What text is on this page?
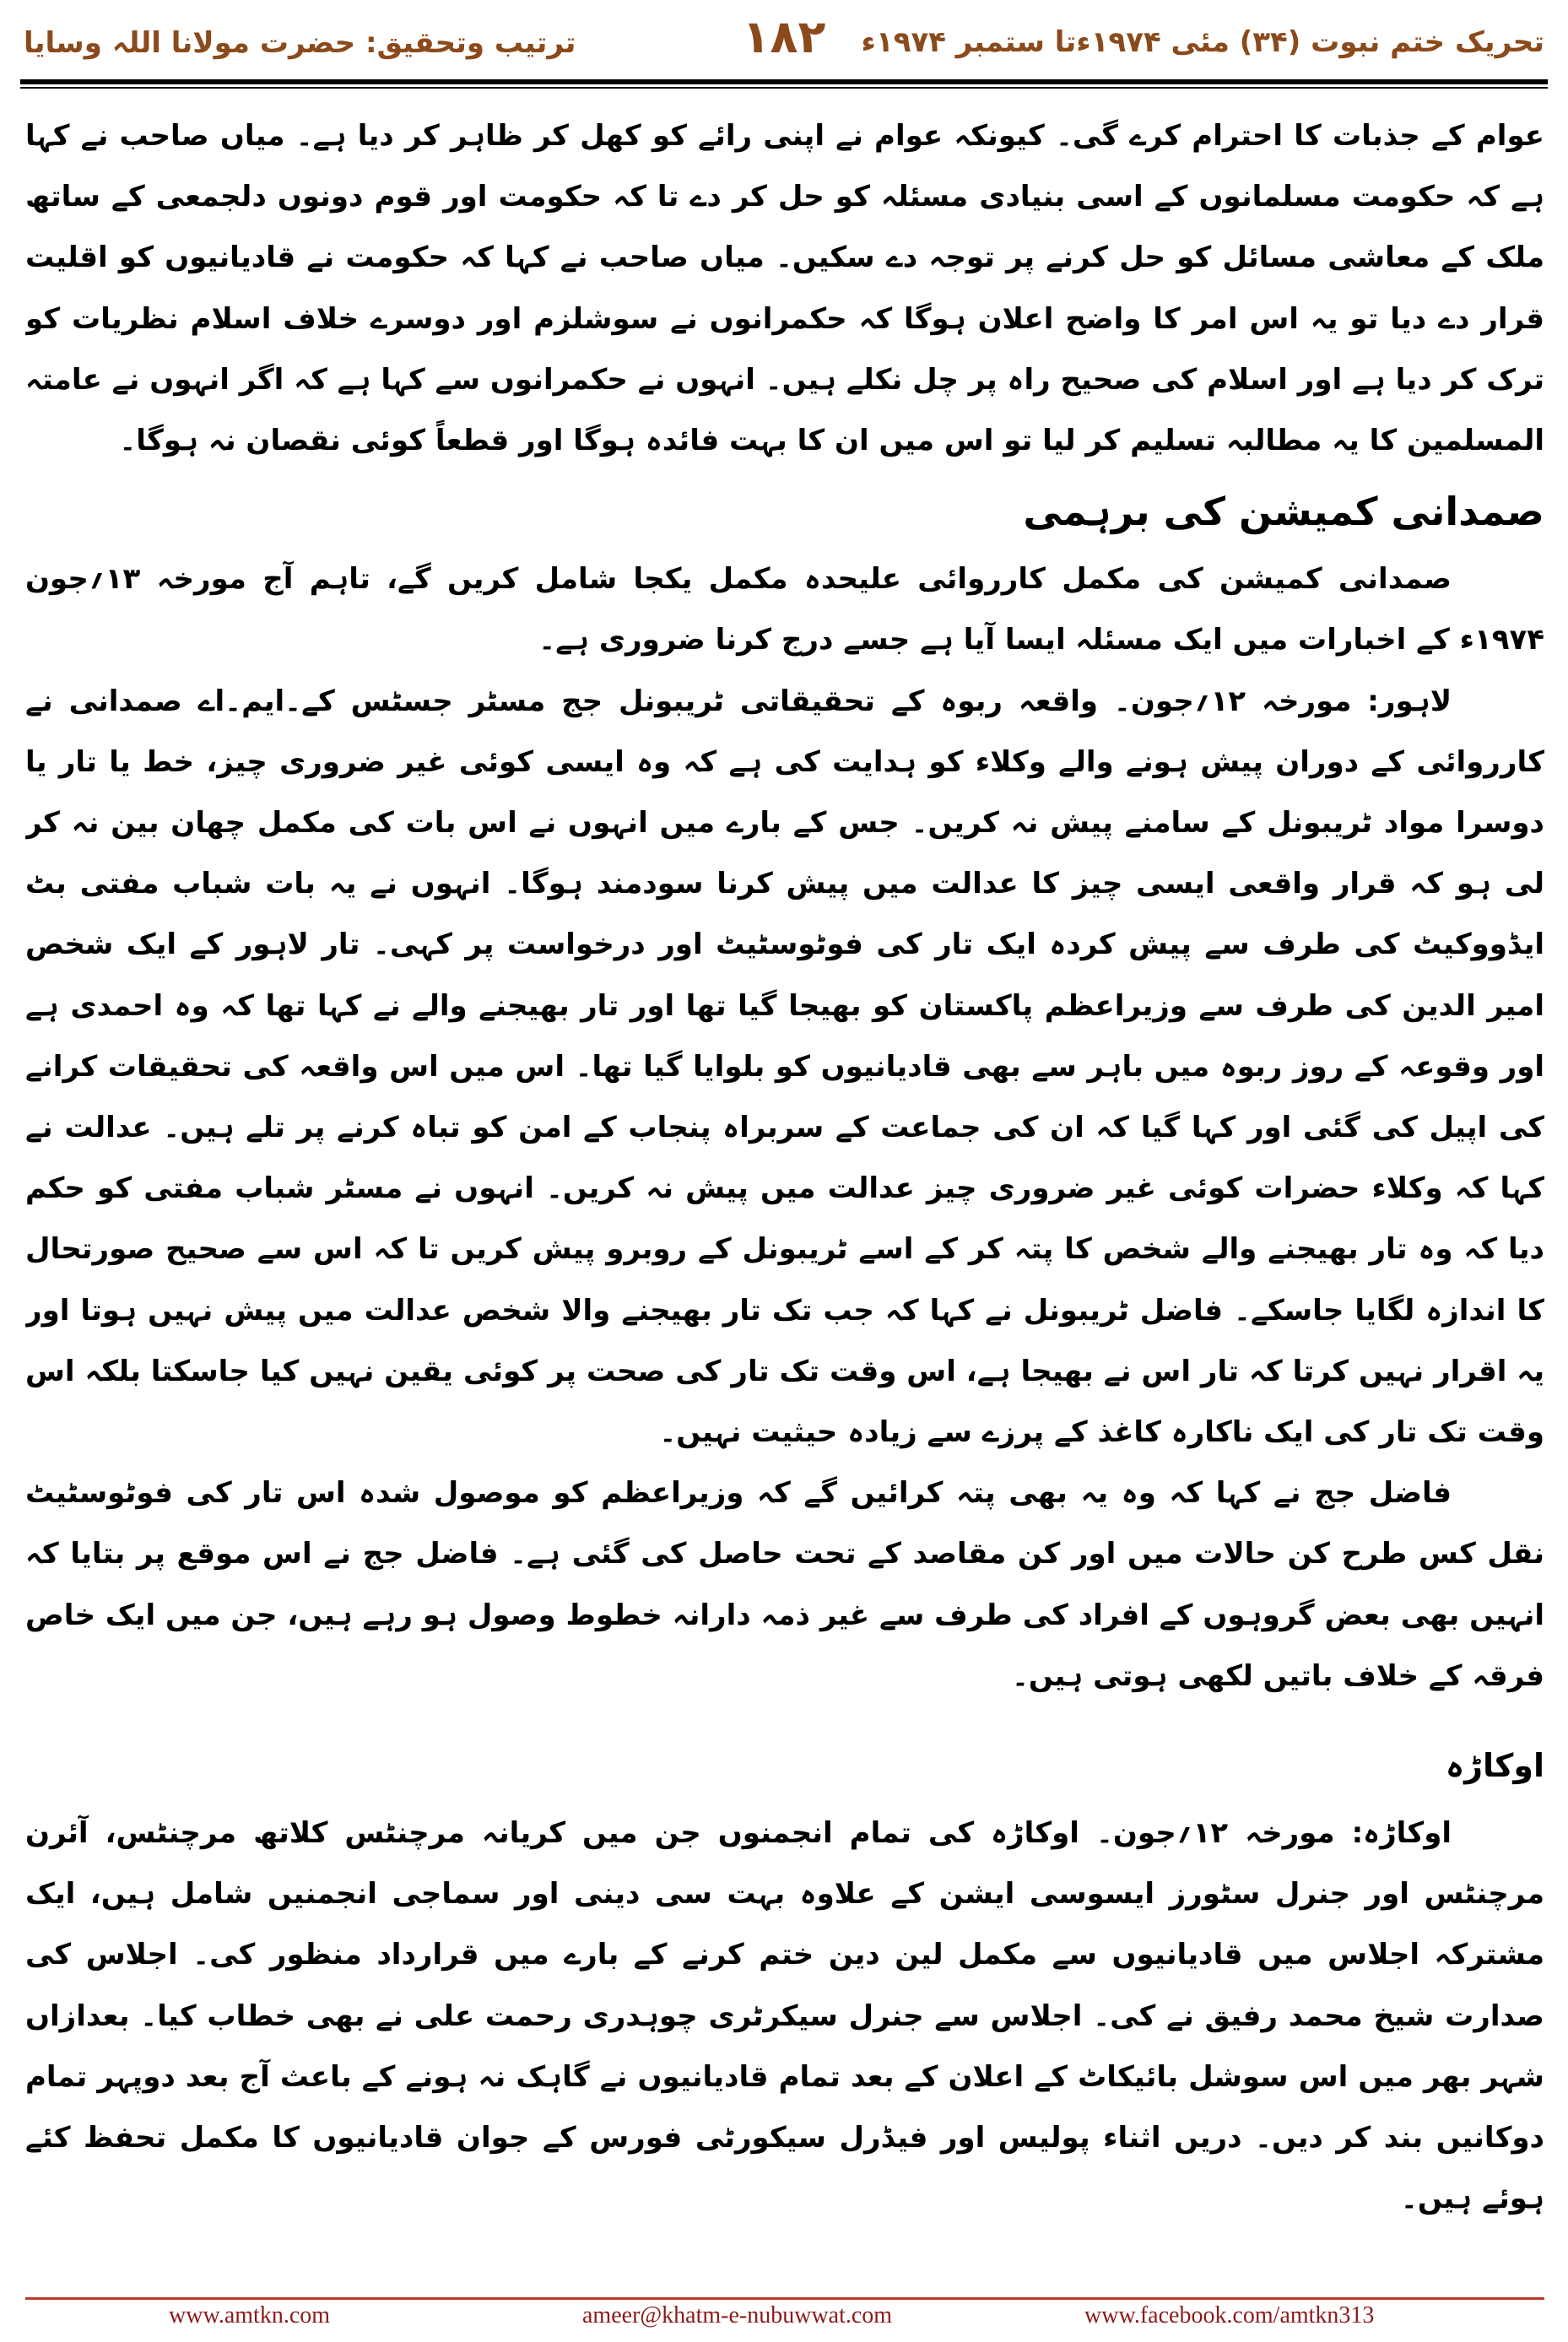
تحریک ختم نبوت (۳۴) مئی ۱۹۷۴ءتا ستمبر ۱۹۷۴ء
۱۸۲
ترتیب وتحقیق: حضرت مولانا اللہ وسایا

عوام کے جذبات کا احترام کرے گی۔ کیونکہ عوام نے اپنی رائے کو کھل کر ظاہر کر دیا ہے۔ میاں صاحب نے کہا ہے کہ حکومت مسلمانوں کے اسی بنیادی مسئلہ کو حل کر دے تا کہ حکومت اور قوم دونوں دلجمعی کے ساتھ ملک کے معاشی مسائل کو حل کرنے پر توجہ دے سکیں۔ میاں صاحب نے کہا کہ حکومت نے قادیانیوں کو اقلیت قرار دے دیا تو یہ اس امر کا واضح اعلان ہوگا کہ حکمرانوں نے سوشلزم اور دوسرے خلاف اسلام نظریات کو ترک کر دیا ہے اور اسلام کی صحیح راہ پر چل نکلے ہیں۔ انہوں نے حکمرانوں سے کہا ہے کہ اگر انہوں نے عامتہ المسلمین کا یہ مطالبہ تسلیم کر لیا تو اس میں ان کا بہت فائدہ ہوگا اور قطعاً کوئی نقصان نہ ہوگا۔

صمدانی کمیشن کی برہمی

صمدانی کمیشن کی مکمل کارروائی علیحدہ مکمل یکجا شامل کریں گے، تاہم آج مورخہ ۱۳؍جون ۱۹۷۴ء کے اخبارات میں ایک مسئلہ ایسا آیا ہے جسے درج کرنا ضروری ہے۔

لاہور: مورخہ ۱۲؍جون۔ واقعہ ربوہ کے تحقیقاتی ٹریبونل جج مسٹر جسٹس کے۔ایم۔اے صمدانی نے کارروائی کے دوران پیش ہونے والے وکلاء کو ہدایت کی ہے کہ وہ ایسی کوئی غیر ضروری چیز، خط یا تار یا دوسرا مواد ٹریبونل کے سامنے پیش نہ کریں۔ جس کے بارے میں انہوں نے اس بات کی مکمل چھان بین نہ کر لی ہو کہ قرار واقعی ایسی چیز کا عدالت میں پیش کرنا سودمند ہوگا۔ انہوں نے یہ بات شباب مفتی بٹ ایڈووکیٹ کی طرف سے پیش کردہ ایک تار کی فوٹوسٹیٹ اور درخواست پر کہی۔ تار لاہور کے ایک شخص امیر الدین کی طرف سے وزیراعظم پاکستان کو بھیجا گیا تھا اور تار بھیجنے والے نے کہا تھا کہ وہ احمدی ہے اور وقوعہ کے روز ربوہ میں باہر سے بھی قادیانیوں کو بلوایا گیا تھا۔ اس میں اس واقعہ کی تحقیقات کرانے کی اپیل کی گئی اور کہا گیا کہ ان کی جماعت کے سربراہ پنجاب کے امن کو تباہ کرنے پر تلے ہیں۔ عدالت نے کہا کہ وکلاء حضرات کوئی غیر ضروری چیز عدالت میں پیش نہ کریں۔ انہوں نے مسٹر شباب مفتی کو حکم دیا کہ وہ تار بھیجنے والے شخص کا پتہ کر کے اسے ٹریبونل کے روبرو پیش کریں تا کہ اس سے صحیح صورتحال کا اندازہ لگایا جاسکے۔ فاضل ٹریبونل نے کہا کہ جب تک تار بھیجنے والا شخص عدالت میں پیش نہیں ہوتا اور یہ اقرار نہیں کرتا کہ تار اس نے بھیجا ہے، اس وقت تک تار کی صحت پر کوئی یقین نہیں کیا جاسکتا بلکہ اس وقت تک تار کی ایک ناکارہ کاغذ کے پرزے سے زیادہ حیثیت نہیں۔

فاضل جج نے کہا کہ وہ یہ بھی پتہ کرائیں گے کہ وزیراعظم کو موصول شدہ اس تار کی فوٹوسٹیٹ نقل کس طرح کن حالات میں اور کن مقاصد کے تحت حاصل کی گئی ہے۔ فاضل جج نے اس موقع پر بتایا کہ انہیں بھی بعض گروہوں کے افراد کی طرف سے غیر ذمہ دارانہ خطوط وصول ہو رہے ہیں، جن میں ایک خاص فرقہ کے خلاف باتیں لکھی ہوتی ہیں۔

اوکاڑہ

اوکاڑہ: مورخہ ۱۲؍جون۔ اوکاڑہ کی تمام انجمنوں جن میں کریانہ مرچنٹس کلاتھ مرچنٹس، آئرن مرچنٹس اور جنرل سٹورز ایسوسی ایشن کے علاوہ بہت سی دینی اور سماجی انجمنیں شامل ہیں، ایک مشترکہ اجلاس میں قادیانیوں سے مکمل لین دین ختم کرنے کے بارے میں قرارداد منظور کی۔ اجلاس کی صدارت شیخ محمد رفیق نے کی۔ اجلاس سے جنرل سیکرٹری چوہدری رحمت علی نے بھی خطاب کیا۔ بعدازاں شہر بھر میں اس سوشل بائیکاٹ کے اعلان کے بعد تمام قادیانیوں نے گاہک نہ ہونے کے باعث آج بعد دوپہر تمام دوکانیں بند کر دیں۔ دریں اثناء پولیس اور فیڈرل سیکورٹی فورس کے جوان قادیانیوں کا مکمل تحفظ کئے ہوئے ہیں۔

www.amtkn.com	ameer@khatm-e-nubuwwat.com	www.facebook.com/amtkn313
